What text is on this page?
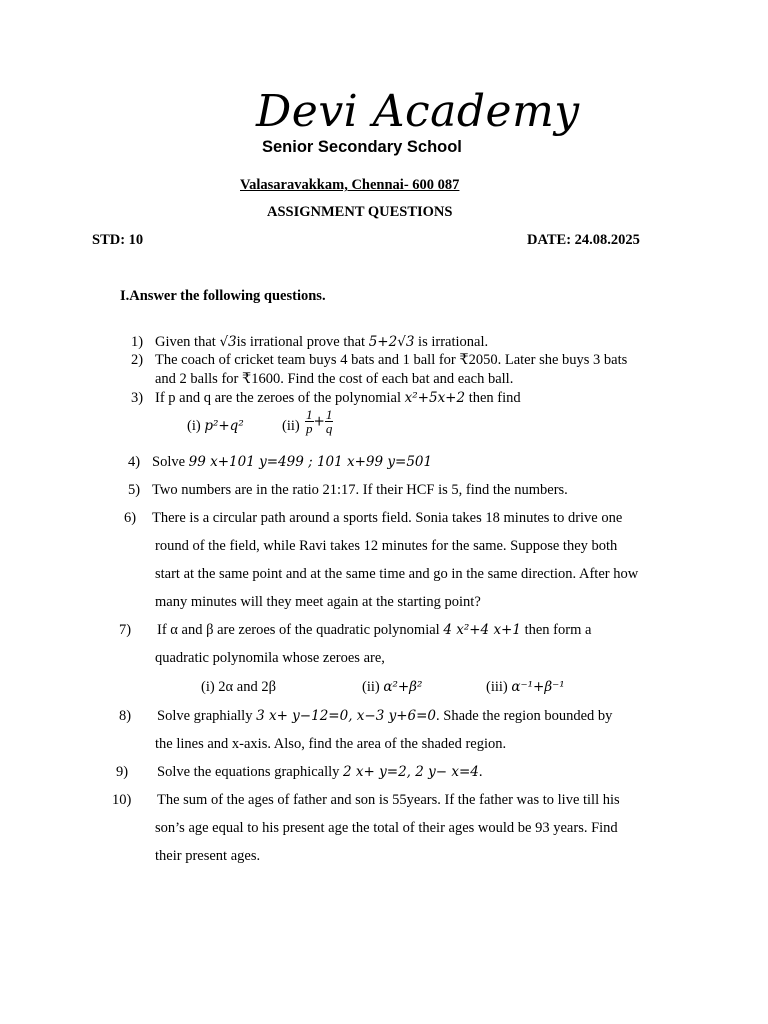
Devi Academy
Senior Secondary School
Valasaravakkam, Chennai- 600 087
ASSIGNMENT QUESTIONS
STD: 10	DATE: 24.08.2025
I.Answer the following questions.
1) Given that √3is irrational prove that 5+2√3 is irrational.
2) The coach of cricket team buys 4 bats and 1 ball for ₹2050. Later she buys 3 bats
and 2 balls for ₹1600. Find the cost of each bat and each ball.
3) If p and q are the zeroes of the polynomial x²+5x+2 then find
(i) p²+q²	$(ii) \frac{1}{p} + \frac{1}{q}$
4) Solve 99 x+101 y=499 ; 101 x+99 y=501
5) Two numbers are in the ratio 21:17. If their HCF is 5, find the numbers.
6) There is a circular path around a sports field. Sonia takes 18 minutes to drive one
round of the field, while Ravi takes 12 minutes for the same. Suppose they both
start at the same point and at the same time and go in the same direction. After how
many minutes will they meet again at the starting point?
7) If α and β are zeroes of the quadratic polynomial 4 x²+4 x+1 then form a
quadratic polynomila whose zeroes are,
(i) 2α and 2β	(ii) α²+β²	(iii) α⁻¹+β⁻¹
8) Solve graphially 3 x+ y−12=0, x−3 y+6=0. Shade the region bounded by
the lines and x-axis. Also, find the area of the shaded region.
9) Solve the equations graphically 2 x+ y=2, 2 y− x=4.
10) The sum of the ages of father and son is 55years. If the father was to live till his
son’s age equal to his present age the total of their ages would be 93 years. Find
their present ages.
